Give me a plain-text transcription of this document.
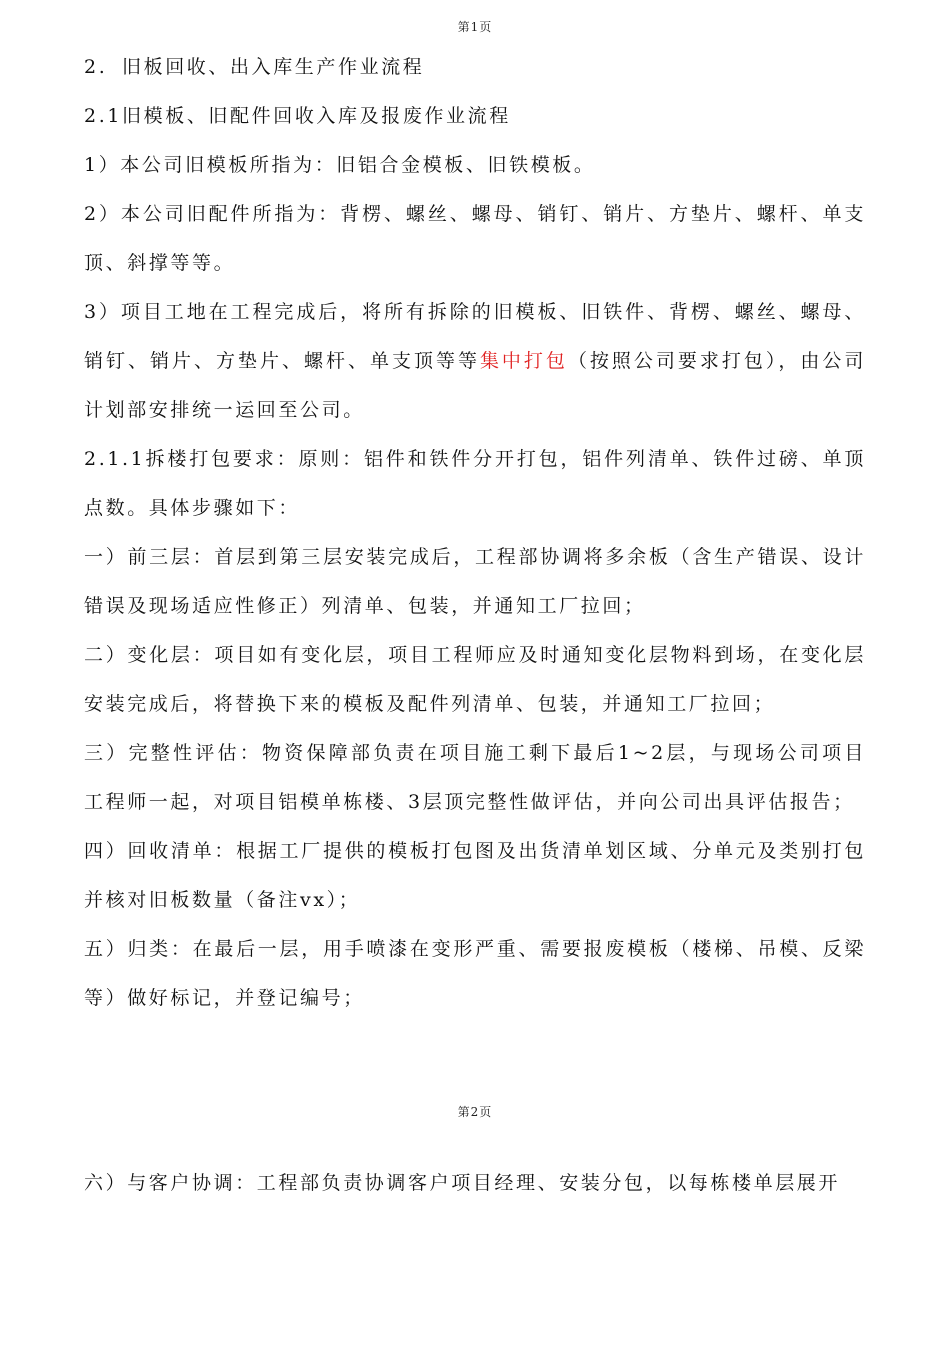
第1页

2. 旧板回收、出入库生产作业流程

2.1旧模板、旧配件回收入库及报废作业流程

1）本公司旧模板所指为：旧铝合金模板、旧铁模板。

2）本公司旧配件所指为：背楞、螺丝、螺母、销钉、销片、方垫片、螺杆、单支顶、斜撑等等。

3）项目工地在工程完成后，将所有拆除的旧模板、旧铁件、背楞、螺丝、螺母、销钉、销片、方垫片、螺杆、单支顶等等集中打包（按照公司要求打包），由公司计划部安排统一运回至公司。

2.1.1拆楼打包要求：原则：铝件和铁件分开打包，铝件列清单、铁件过磅、单顶点数。具体步骤如下：

一）前三层：首层到第三层安装完成后，工程部协调将多余板（含生产错误、设计错误及现场适应性修正）列清单、包装，并通知工厂拉回；

二）变化层：项目如有变化层，项目工程师应及时通知变化层物料到场，在变化层安装完成后，将替换下来的模板及配件列清单、包装，并通知工厂拉回；

三）完整性评估：物资保障部负责在项目施工剩下最后1~2层，与现场公司项目工程师一起，对项目铝模单栋楼、3层顶完整性做评估，并向公司出具评估报告；

四）回收清单：根据工厂提供的模板打包图及出货清单划区域、分单元及类别打包并核对旧板数量（备注vx）；

五）归类：在最后一层，用手喷漆在变形严重、需要报废模板（楼梯、吊模、反梁等）做好标记，并登记编号；

第2页

六）与客户协调：工程部负责协调客户项目经理、安装分包，以每栋楼单层展开
